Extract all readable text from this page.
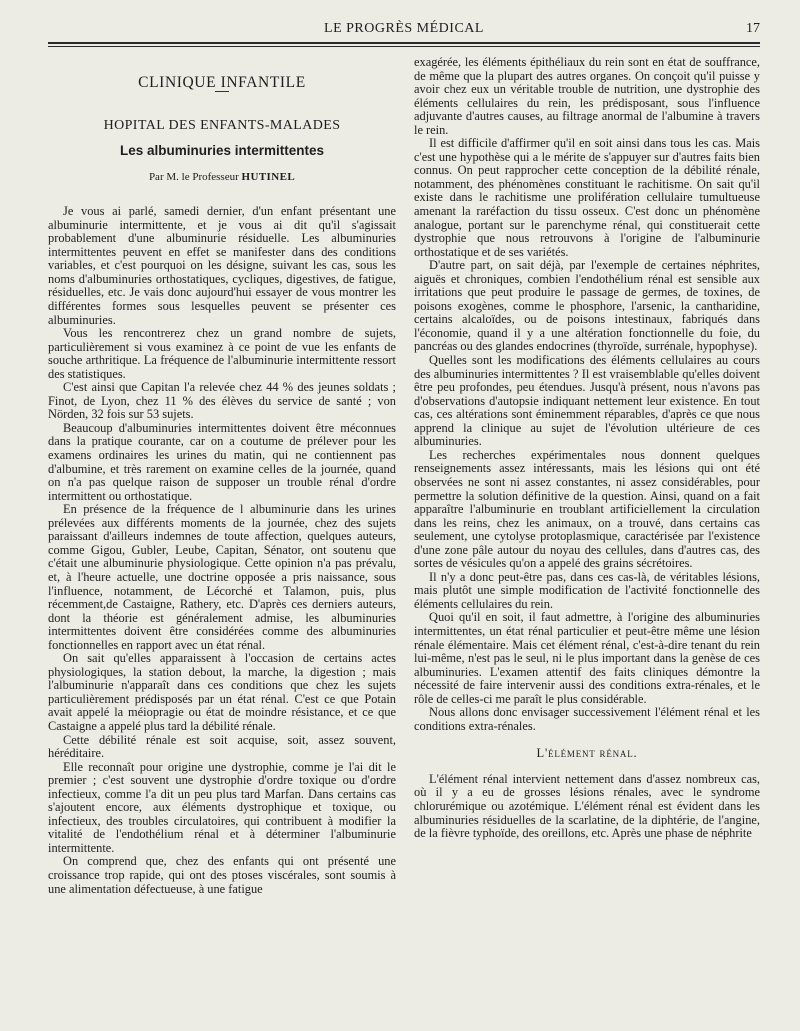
LE PROGRÈS MÉDICAL	17
CLINIQUE INFANTILE
HOPITAL DES ENFANTS-MALADES
Les albuminuries intermittentes
Par M. le Professeur HUTINEL

Je vous ai parlé, samedi dernier, d'un enfant présentant une albuminurie intermittente, et je vous ai dit qu'il s'agissait probablement d'une albuminurie résiduelle. Les albuminuries intermittentes peuvent en effet se manifester dans des conditions variables, et c'est pourquoi on les désigne, suivant les cas, sous les noms d'albuminuries orthostatiques, cycliques, digestives, de fatigue, résiduelles, etc. Je vais donc aujourd'hui essayer de vous montrer les différentes formes sous lesquelles peuvent se présenter ces albuminuries.

Vous les rencontrerez chez un grand nombre de sujets, particulièrement si vous examinez à ce point de vue les enfants de souche arthritique. La fréquence de l'albuminurie intermittente ressort des statistiques.

C'est ainsi que Capitan l'a relevée chez 44 % des jeunes soldats ; Finot, de Lyon, chez 11 % des élèves du service de santé ; von Nörden, 32 fois sur 53 sujets.

Beaucoup d'albuminuries intermittentes doivent être méconnues dans la pratique courante, car on a coutume de prélever pour les examens ordinaires les urines du matin, qui ne contiennent pas d'albumine, et très rarement on examine celles de la journée, quand on n'a pas quelque raison de supposer un trouble rénal d'ordre intermittent ou orthostatique.

En présence de la fréquence de l albuminurie dans les urines prélevées aux différents moments de la journée, chez des sujets paraissant d'ailleurs indemnes de toute affection, quelques auteurs, comme Gigou, Gubler, Leube, Capitan, Sénator, ont soutenu que c'était une albuminurie physiologique. Cette opinion n'a pas prévalu, et, à l'heure actuelle, une doctrine opposée a pris naissance, sous l'influence, notamment, de Lécorché et Talamon, puis, plus récemment,de Castaigne, Rathery, etc. D'après ces derniers auteurs, dont la théorie est généralement admise, les albuminuries intermittentes doivent être considérées comme des albuminuries fonctionnelles en rapport avec un état rénal.

On sait qu'elles apparaissent à l'occasion de certains actes physiologiques, la station debout, la marche, la digestion ; mais l'albuminurie n'apparaît dans ces conditions que chez les sujets particulièrement prédisposés par un état rénal. C'est ce que Potain avait appelé la méiopragie ou état de moindre résistance, et ce que Castaigne a appelé plus tard la débilité rénale.

Cette débilité rénale est soit acquise, soit, assez souvent, héréditaire.

Elle reconnaît pour origine une dystrophie, comme je l'ai dit le premier ; c'est souvent une dystrophie d'ordre toxique ou d'ordre infectieux, comme l'a dit un peu plus tard Marfan. Dans certains cas s'ajoutent encore, aux éléments dystrophique et toxique, ou infectieux, des troubles circulatoires, qui contribuent à modifier la vitalité de l'endothélium rénal et à déterminer l'albuminurie intermittente.

On comprend que, chez des enfants qui ont présenté une croissance trop rapide, qui ont des ptoses viscérales, sont soumis à une alimentation défectueuse, à une fatigue

exagérée, les éléments épithéliaux du rein sont en état de souffrance, de même que la plupart des autres organes. On conçoit qu'il puisse y avoir chez eux un véritable trouble de nutrition, une dystrophie des éléments cellulaires du rein, les prédisposant, sous l'influence adjuvante d'autres causes, au filtrage anormal de l'albumine à travers le rein.

Il est difficile d'affirmer qu'il en soit ainsi dans tous les cas. Mais c'est une hypothèse qui a le mérite de s'appuyer sur d'autres faits bien connus. On peut rapprocher cette conception de la débilité rénale, notamment, des phénomènes constituant le rachitisme. On sait qu'il existe dans le rachitisme une prolifération cellulaire tumultueuse amenant la raréfaction du tissu osseux. C'est donc un phénomène analogue, portant sur le parenchyme rénal, qui constituerait cette dystrophie que nous retrouvons à l'origine de l'albuminurie orthostatique et de ses variétés.

D'autre part, on sait déjà, par l'exemple de certaines néphrites, aiguës et chroniques, combien l'endothélium rénal est sensible aux irritations que peut produire le passage de germes, de toxines, de poisons exogènes, comme le phosphore, l'arsenic, la cantharidine, certains alcaloïdes, ou de poisons intestinaux, fabriqués dans l'économie, quand il y a une altération fonctionnelle du foie, du pancréas ou des glandes endocrines (thyroïde, surrénale, hypophyse).

Quelles sont les modifications des éléments cellulaires au cours des albuminuries intermittentes ? Il est vraisemblable qu'elles doivent être peu profondes, peu étendues. Jusqu'à présent, nous n'avons pas d'observations d'autopsie indiquant nettement leur existence. En tout cas, ces altérations sont éminemment réparables, d'après ce que nous apprend la clinique au sujet de l'évolution ultérieure de ces albuminuries.

Les recherches expérimentales nous donnent quelques renseignements assez intéressants, mais les lésions qui ont été observées ne sont ni assez constantes, ni assez considérables, pour permettre la solution définitive de la question. Ainsi, quand on a fait apparaître l'albuminurie en troublant artificiellement la circulation dans les reins, chez les animaux, on a trouvé, dans certains cas seulement, une cytolyse protoplasmique, caractérisée par l'existence d'une zone pâle autour du noyau des cellules, dans d'autres cas, des sortes de vésicules qu'on a appelé des grains sécrétoires.

Il n'y a donc peut-être pas, dans ces cas-là, de véritables lésions, mais plutôt une simple modification de l'activité fonctionnelle des éléments cellulaires du rein.

Quoi qu'il en soit, il faut admettre, à l'origine des albuminuries intermittentes, un état rénal particulier et peut-être même une lésion rénale élémentaire. Mais cet élément rénal, c'est-à-dire tenant du rein lui-même, n'est pas le seul, ni le plus important dans la genèse de ces albuminuries. L'examen attentif des faits cliniques démontre la nécessité de faire intervenir aussi des conditions extra-rénales, et le rôle de celles-ci me paraît le plus considérable.

Nous allons donc envisager successivement l'élément rénal et les conditions extra-rénales.

L'élément rénal.

L'élément rénal intervient nettement dans d'assez nombreux cas, où il y a eu de grosses lésions rénales, avec le syndrome chlorurémique ou azotémique. L'élément rénal est évident dans les albuminuries résiduelles de la scarlatine, de la diphtérie, de l'angine, de la fièvre typhoïde, des oreillons, etc. Après une phase de néphrite
